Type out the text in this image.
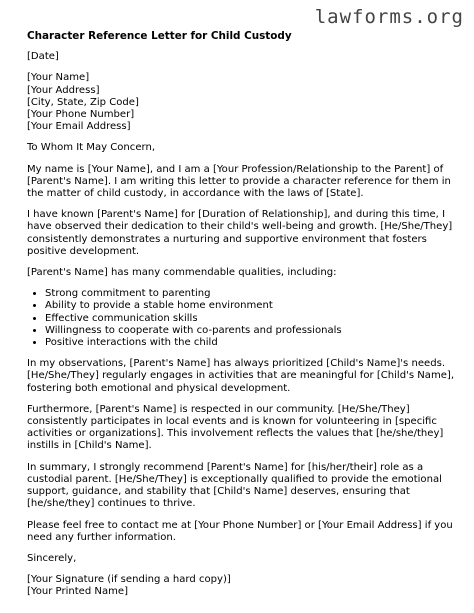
lawforms.org
Character Reference Letter for Child Custody
[Date]
[Your Name]
[Your Address]
[City, State, Zip Code]
[Your Phone Number]
[Your Email Address]
To Whom It May Concern,
My name is [Your Name], and I am a [Your Profession/Relationship to the Parent] of [Parent's Name]. I am writing this letter to provide a character reference for them in the matter of child custody, in accordance with the laws of [State].
I have known [Parent's Name] for [Duration of Relationship], and during this time, I have observed their dedication to their child's well-being and growth. [He/She/They] consistently demonstrates a nurturing and supportive environment that fosters positive development.
[Parent's Name] has many commendable qualities, including:
• Strong commitment to parenting
• Ability to provide a stable home environment
• Effective communication skills
• Willingness to cooperate with co-parents and professionals
• Positive interactions with the child
In my observations, [Parent's Name] has always prioritized [Child's Name]'s needs. [He/She/They] regularly engages in activities that are meaningful for [Child's Name], fostering both emotional and physical development.
Furthermore, [Parent's Name] is respected in our community. [He/She/They] consistently participates in local events and is known for volunteering in [specific activities or organizations]. This involvement reflects the values that [he/she/they] instills in [Child's Name].
In summary, I strongly recommend [Parent's Name] for [his/her/their] role as a custodial parent. [He/She/They] is exceptionally qualified to provide the emotional support, guidance, and stability that [Child's Name] deserves, ensuring that [he/she/they] continues to thrive.
Please feel free to contact me at [Your Phone Number] or [Your Email Address] if you need any further information.
Sincerely,
[Your Signature (if sending a hard copy)]
[Your Printed Name]
